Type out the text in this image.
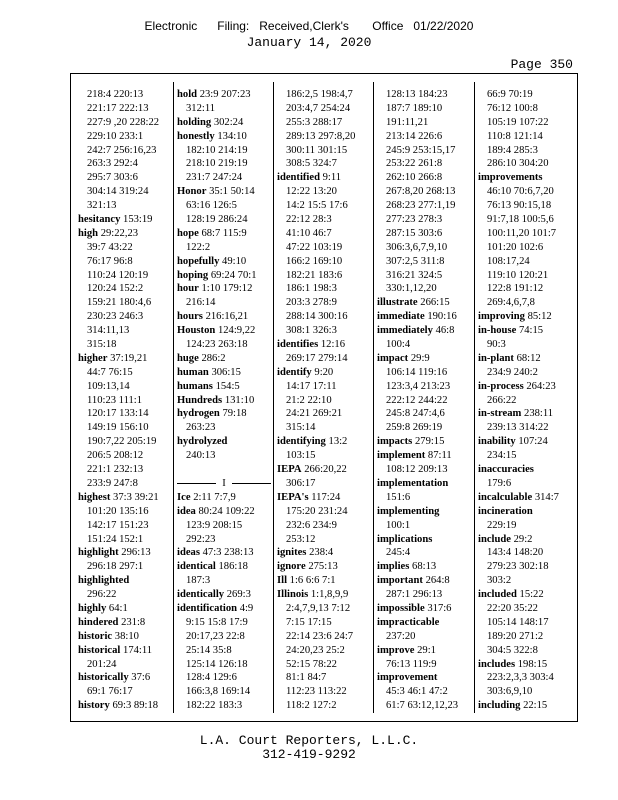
Electronic      Filing:   Received,Clerk's       Office   01/22/2020
January 14, 2020
Page 350
218:4 220:13
221:17 222:13
227:9 ,20 228:22
229:10 233:1
242:7 256:16,23
263:3 292:4
295:7 303:6
304:14 319:24
321:13
hesitancy 153:19
high 29:22,23
39:7 43:22
76:17 96:8
110:24 120:19
120:24 152:2
159:21 180:4,6
230:23 246:3
314:11,13
315:18
higher 37:19,21
44:7 76:15
109:13,14
110:23 111:1
120:17 133:14
149:19 156:10
190:7,22 205:19
206:5 208:12
221:1 232:13
233:9 247:8
highest 37:3 39:21
101:20 135:16
142:17 151:23
151:24 152:1
highlight 296:13
296:18 297:1
highlighted
296:22
highly 64:1
hindered 231:8
historic 38:10
historical 174:11
201:24
historically 37:6
69:1 76:17
history 69:3 89:18
hold 23:9 207:23
312:11
holding 302:24
honestly 134:10
182:10 214:19
218:10 219:19
231:7 247:24
Honor 35:1 50:14
63:16 126:5
128:19 286:24
hope 68:7 115:9
122:2
hopefully 49:10
hoping 69:24 70:1
hour 1:10 179:12
216:14
hours 216:16,21
Houston 124:9,22
124:23 263:18
huge 286:2
human 306:15
humans 154:5
Hundreds 131:10
hydrogen 79:18
263:23
hydrolyzed
240:13
I
Ice 2:11 7:7,9
idea 80:24 109:22
123:9 208:15
292:23
ideas 47:3 238:13
identical 186:18
187:3
identically 269:3
identification 4:9
9:15 15:8 17:9
20:17,23 22:8
25:14 35:8
125:14 126:18
128:4 129:6
166:3,8 169:14
182:22 183:3
186:2,5 198:4,7
203:4,7 254:24
255:3 288:17
289:13 297:8,20
300:11 301:15
308:5 324:7
identified 9:11
12:22 13:20
14:2 15:5 17:6
22:12 28:3
41:10 46:7
47:22 103:19
166:2 169:10
182:21 183:6
186:1 198:3
203:3 278:9
288:14 300:16
308:1 326:3
identifies 12:16
269:17 279:14
identify 9:20
14:17 17:11
21:2 22:10
24:21 269:21
315:14
identifying 13:2
103:15
IEPA 266:20,22
306:17
IEPA's 117:24
175:20 231:24
232:6 234:9
253:12
ignites 238:4
ignore 275:13
Ill 1:6 6:6 7:1
Illinois 1:1,8,9,9
2:4,7,9,13 7:12
7:15 17:15
22:14 23:6 24:7
24:20,23 25:2
52:15 78:22
81:1 84:7
112:23 113:22
118:2 127:2
128:13 184:23
187:7 189:10
191:11,21
213:14 226:6
245:9 253:15,17
253:22 261:8
262:10 266:8
267:8,20 268:13
268:23 277:1,19
277:23 278:3
287:15 303:6
306:3,6,7,9,10
307:2,5 311:8
316:21 324:5
330:1,12,20
illustrate 266:15
immediate 190:16
immediately 46:8
100:4
impact 29:9
106:14 119:16
123:3,4 213:23
222:12 244:22
245:8 247:4,6
259:8 269:19
impacts 279:15
implement 87:11
108:12 209:13
implementation
151:6
implementing
100:1
implications
245:4
implies 68:13
important 264:8
287:1 296:13
impossible 317:6
impracticable
237:20
improve 29:1
76:13 119:9
improvement
45:3 46:1 47:2
61:7 63:12,12,23
66:9 70:19
76:12 100:8
105:19 107:22
110:8 121:14
189:4 285:3
286:10 304:20
improvements
46:10 70:6,7,20
76:13 90:15,18
91:7,18 100:5,6
100:11,20 101:7
101:20 102:6
108:17,24
119:10 120:21
122:8 191:12
269:4,6,7,8
improving 85:12
in-house 74:15
90:3
in-plant 68:12
234:9 240:2
in-process 264:23
266:22
in-stream 238:11
239:13 314:22
inability 107:24
234:15
inaccuracies
179:6
incalculable 314:7
incineration
229:19
include 29:2
143:4 148:20
279:23 302:18
303:2
included 15:22
22:20 35:22
105:14 148:17
189:20 271:2
304:5 322:8
includes 198:15
223:2,3,3 303:4
303:6,9,10
including 22:15
L.A. Court Reporters, L.L.C.
312-419-9292
